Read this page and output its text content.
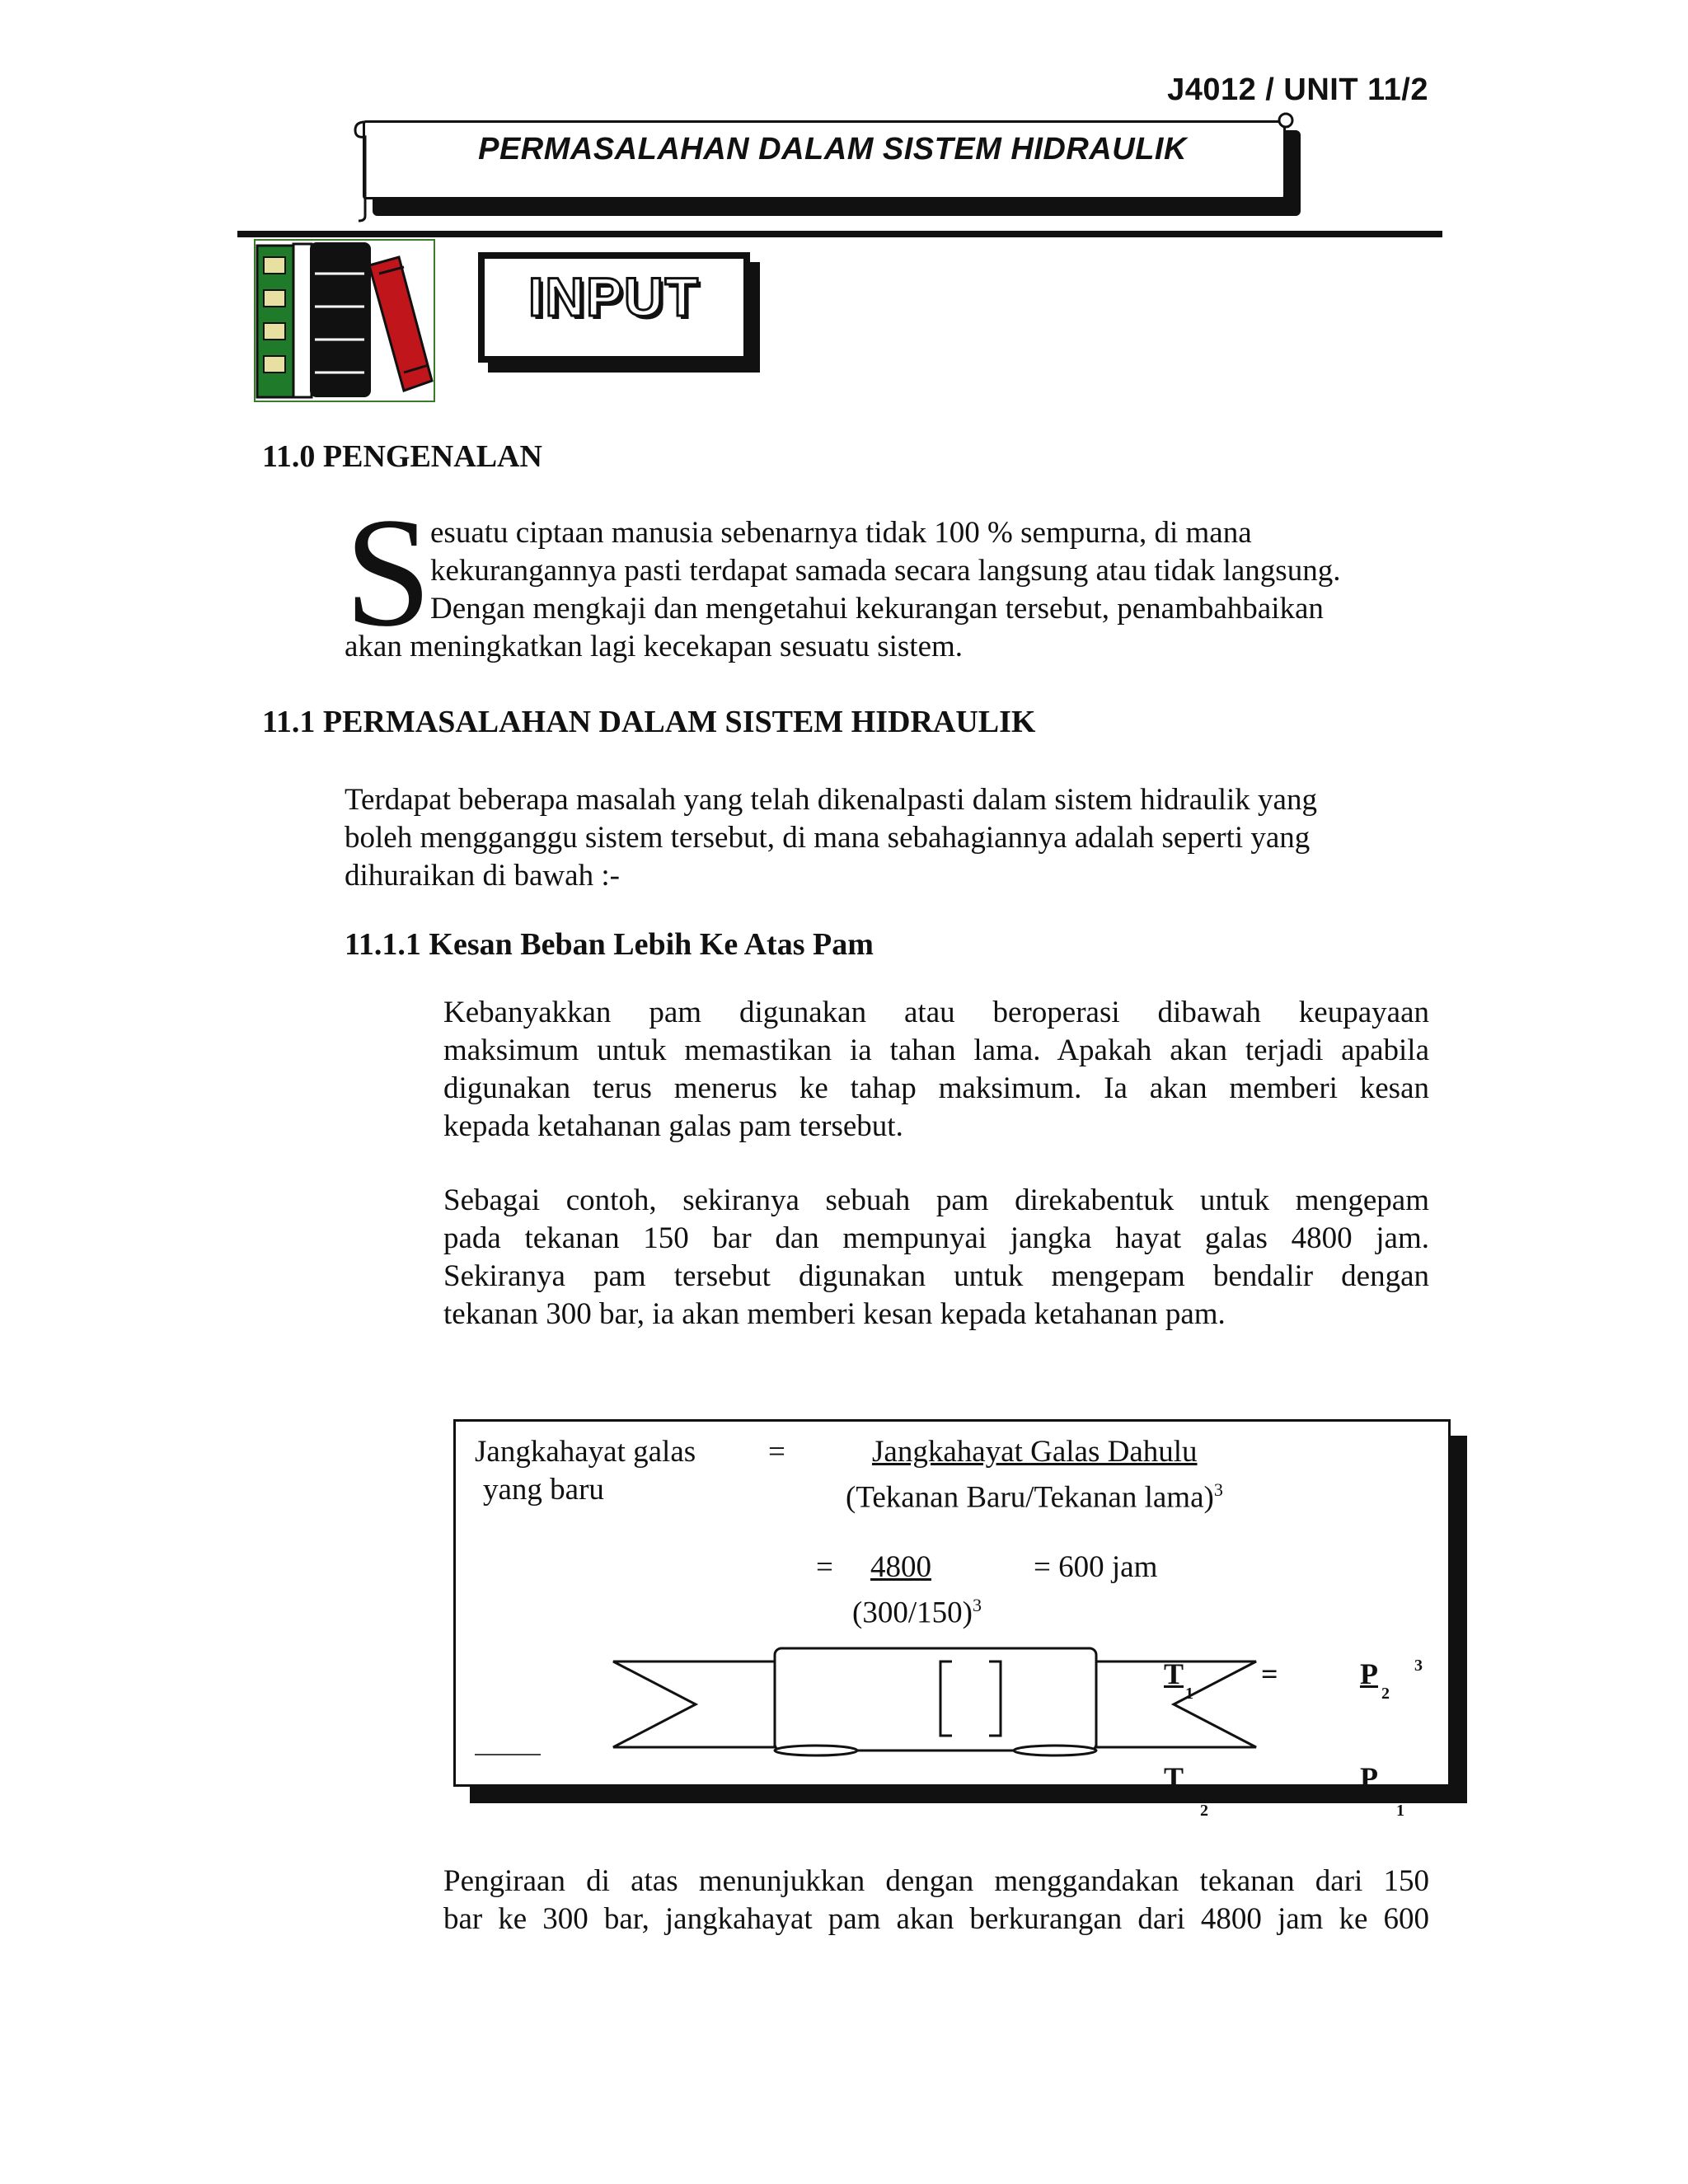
J4012 / UNIT 11/2
PERMASALAHAN DALAM SISTEM HIDRAULIK
INPUT
11.0 PENGENALAN
S
esuatu ciptaan manusia sebenarnya tidak 100 % sempurna, di mana
kekurangannya pasti terdapat samada secara langsung atau tidak langsung.
Dengan mengkaji dan mengetahui kekurangan tersebut, penambahbaikan
akan meningkatkan lagi kecekapan sesuatu sistem.
11.1 PERMASALAHAN DALAM SISTEM HIDRAULIK
Terdapat beberapa masalah yang telah dikenalpasti dalam sistem hidraulik yang
boleh mengganggu sistem tersebut, di mana sebahagiannya adalah seperti yang
dihuraikan di bawah :-
11.1.1 Kesan Beban Lebih Ke Atas Pam
Kebanyakkan pam digunakan atau beroperasi dibawah keupayaan
maksimum untuk memastikan ia tahan lama. Apakah akan terjadi apabila
digunakan terus menerus ke tahap maksimum. Ia akan memberi kesan
kepada ketahanan galas pam tersebut.
Sebagai contoh, sekiranya sebuah pam direkabentuk untuk mengepam
pada tekanan 150 bar dan mempunyai jangka hayat galas 4800 jam.
Sekiranya pam tersebut digunakan untuk mengepam bendalir dengan
tekanan 300 bar, ia akan memberi kesan kepada ketahanan pam.
Jangkahayat galas
yang baru
=	Jangkahayat Galas Dahulu
(Tekanan Baru/Tekanan lama)$^3$
= 4800	= 600 jam
$(300/150)^3$
T
1
=	P
2
3
T
2
P
1
Pengiraan di atas menunjukkan dengan menggandakan tekanan dari 150
bar ke 300 bar, jangkahayat pam akan berkurangan dari 4800 jam ke 600
